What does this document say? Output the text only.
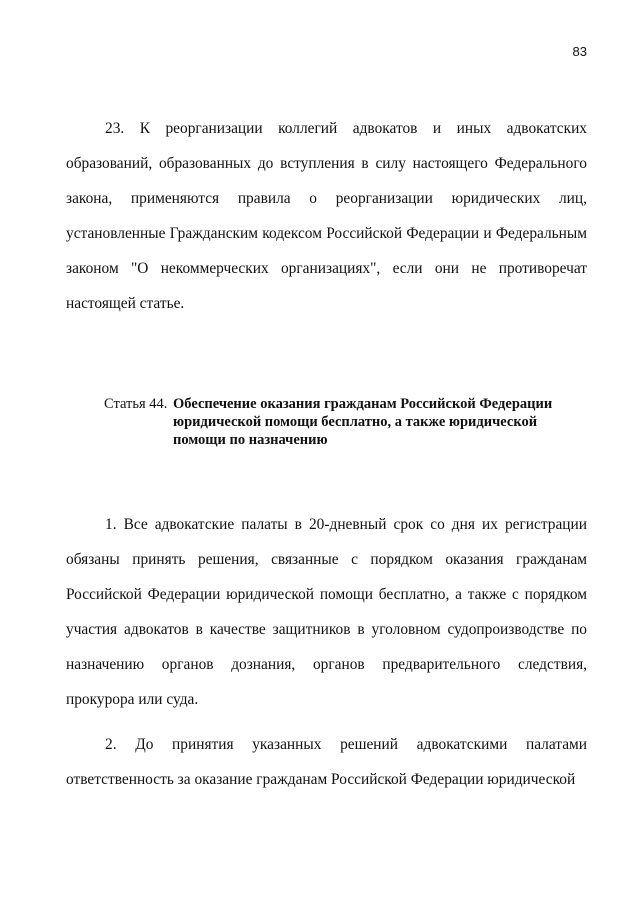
83

23. К реорганизации коллегий адвокатов и иных адвокатских образований, образованных до вступления в силу настоящего Федерального закона, применяются правила о реорганизации юридических лиц, установленные Гражданским кодексом Российской Федерации и Федеральным законом "О некоммерческих организациях", если они не противоречат настоящей статье.

Статья 44. Обеспечение оказания гражданам Российской Федерации юридической помощи бесплатно, а также юридической помощи по назначению

1. Все адвокатские палаты в 20-дневный срок со дня их регистрации обязаны принять решения, связанные с порядком оказания гражданам Российской Федерации юридической помощи бесплатно, а также с порядком участия адвокатов в качестве защитников в уголовном судопроизводстве по назначению органов дознания, органов предварительного следствия, прокурора или суда.

2. До принятия указанных решений адвокатскими палатами ответственность за оказание гражданам Российской Федерации юридической
